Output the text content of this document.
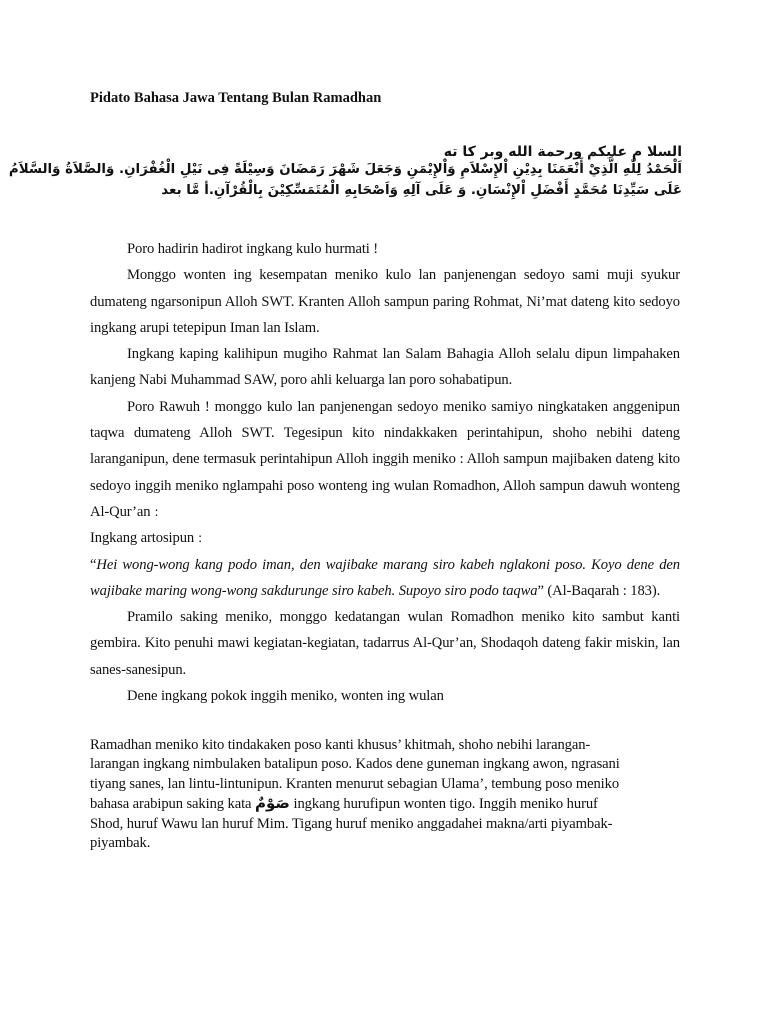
Pidato Bahasa Jawa Tentang Bulan Ramadhan
السلا م عليكم ورحمة الله وبر كا ته
اَلْحَمْدُ لِلّٰهِ الَّذِيْ أَنْعَمَنَا بِدِيْنِ اْلإِسْلاَمِ وَاْلإِيْمَنِ وَجَعَلَ شَهْرَ رَمَضَانَ وَسِيْلَةً فِى نَيْلِ الْغُفْرَانِ. وَالصَّلاَةُ وَالسَّلاَمُ
عَلَى سَيِّدِنَا مُحَمَّدٍ أَفْضَلِ اْلإِنْسَانِ. وَ عَلَى آلِهِ وَاَصْحَابِهِ الْمُتَمَسِّكِيْنَ بِالْقُرْآنِ.أ مَّا بعد

Poro hadirin hadirot ingkang kulo hurmati !

Monggo wonten ing kesempatan meniko kulo lan panjenengan sedoyo sami muji syukur dumateng ngarsonipun Alloh SWT. Kranten Alloh sampun paring Rohmat, Ni’mat dateng kito sedoyo ingkang arupi tetepipun Iman lan Islam.

Ingkang kaping kalihipun mugiho Rahmat lan Salam Bahagia Alloh selalu dipun limpahaken kanjeng Nabi Muhammad SAW, poro ahli keluarga lan poro sohabatipun.

Poro Rawuh ! monggo kulo lan panjenengan sedoyo meniko samiyo ningkataken anggenipun taqwa dumateng Alloh SWT. Tegesipun kito nindakkaken perintahipun, shoho nebihi dateng laranganipun, dene termasuk perintahipun Alloh inggih meniko : Alloh sampun majibaken dateng kito sedoyo inggih meniko nglampahi poso wonteng ing wulan Romadhon, Alloh sampun dawuh wonteng Al-Qur’an :

Ingkang artosipun :

“Hei wong-wong kang podo iman, den wajibake marang siro kabeh nglakoni poso. Koyo dene den wajibake maring wong-wong sakdurunge siro kabeh. Supoyo siro podo taqwa” (Al-Baqarah : 183).

Pramilo saking meniko, monggo kedatangan wulan Romadhon meniko kito sambut kanti gembira. Kito penuhi mawi kegiatan-kegiatan, tadarrus Al-Qur’an, Shodaqoh dateng fakir miskin, lan sanes-sanesipun.

Dene ingkang pokok inggih meniko, wonten ing wulan

Ramadhan meniko kito tindakaken poso kanti khusus’ khitmah, shoho nebihi larangan-larangan ingkang nimbulaken batalipun poso. Kados dene guneman ingkang awon, ngrasani tiyang sanes, lan lintu-lintunipun. Kranten menurut sebagian Ulama’, tembung poso meniko bahasa arabipun saking kata صَوْمٌ ingkang hurufipun wonten tigo. Inggih meniko huruf Shod, huruf Wawu lan huruf Mim. Tigang huruf meniko anggadahei makna/arti piyambak-piyambak.
